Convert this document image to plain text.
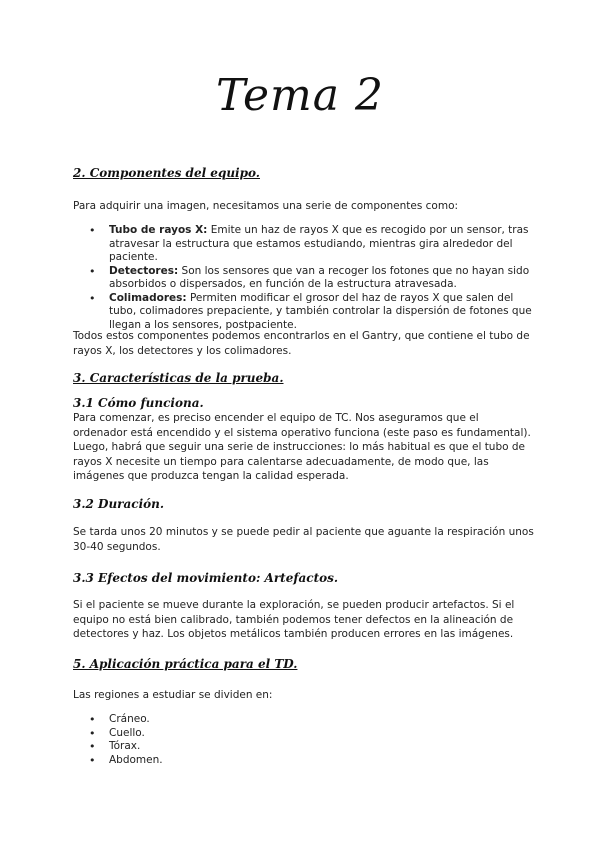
Tema 2
2. Componentes del equipo.
Para adquirir una imagen, necesitamos una serie de componentes como:
• Tubo de rayos X: Emite un haz de rayos X que es recogido por un sensor, tras atravesar la estructura que estamos estudiando, mientras gira alrededor del paciente.
• Detectores: Son los sensores que van a recoger los fotones que no hayan sido absorbidos o dispersados, en función de la estructura atravesada.
• Colimadores: Permiten modificar el grosor del haz de rayos X que salen del tubo, colimadores prepaciente, y también controlar la dispersión de fotones que llegan a los sensores, postpaciente.
Todos estos componentes podemos encontrarlos en el Gantry, que contiene el tubo de rayos X, los detectores y los colimadores.
3. Características de la prueba.
3.1 Cómo funciona.
Para comenzar, es preciso encender el equipo de TC. Nos aseguramos que el ordenador está encendido y el sistema operativo funciona (este paso es fundamental). Luego, habrá que seguir una serie de instrucciones: lo más habitual es que el tubo de rayos X necesite un tiempo para calentarse adecuadamente, de modo que, las imágenes que produzca tengan la calidad esperada.
3.2 Duración.
Se tarda unos 20 minutos y se puede pedir al paciente que aguante la respiración unos 30-40 segundos.
3.3 Efectos del movimiento: Artefactos.
Si el paciente se mueve durante la exploración, se pueden producir artefactos. Si el equipo no está bien calibrado, también podemos tener defectos en la alineación de detectores y haz. Los objetos metálicos también producen errores en las imágenes.
5. Aplicación práctica para el TD.
Las regiones a estudiar se dividen en:
• Cráneo.
• Cuello.
• Tórax.
• Abdomen.
